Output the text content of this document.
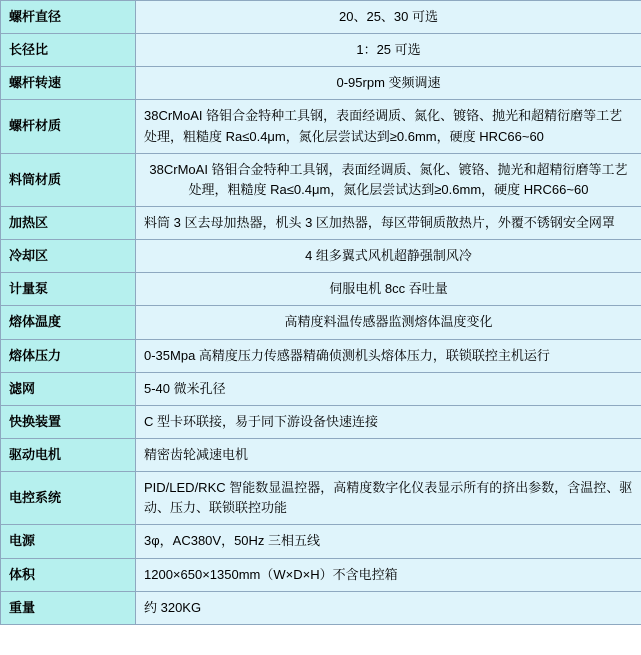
螺杆直径	20、25、30 可选
长径比	1：25 可选
螺杆转速	0-95rpm 变频调速
螺杆材质	38CrMoAI 铬钼合金特种工具钢，表面经调质、氮化、镀铬、抛光和超精衍磨等工艺处理，粗糙度 Ra≤0.4μm，氮化层尝试达到≥0.6mm，硬度 HRC66~60
料筒材质	38CrMoAI 铬钼合金特种工具钢，表面经调质、氮化、镀铬、抛光和超精衍磨等工艺处理，粗糙度 Ra≤0.4μm，氮化层尝试达到≥0.6mm，硬度 HRC66~60
加热区	料筒 3 区去母加热器，机头 3 区加热器，每区带铜质散热片，外覆不锈钢安全网罩
冷却区	4 组多翼式风机超静强制风冷
计量泵	伺服电机 8cc 吞吐量
熔体温度	高精度料温传感器监测熔体温度变化
熔体压力	0-35Mpa 高精度压力传感器精确侦测机头熔体压力，联锁联控主机运行
滤网	5-40 微米孔径
快换装置	C 型卡环联接，易于同下游设备快速连接
驱动电机	精密齿轮减速电机
电控系统	PID/LED/RKC 智能数显温控器，高精度数字化仪表显示所有的挤出参数，含温控、驱动、压力、联锁联控功能
电源	3φ，AC380V，50Hz 三相五线
体积	1200×650×1350mm（W×D×H）不含电控箱
重量	约 320KG
